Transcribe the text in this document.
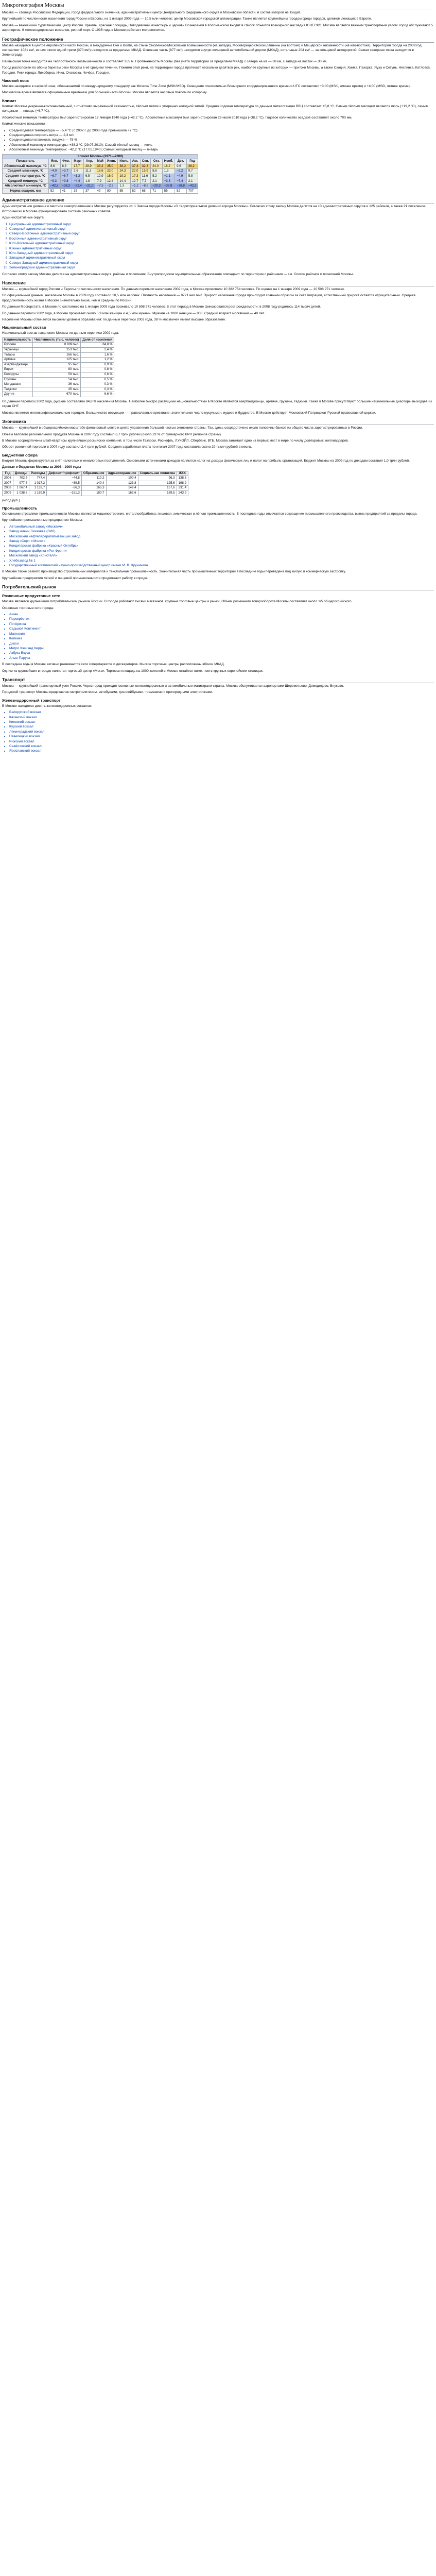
Микрогеография Москвы

Москва — столица Российской Федерации, город федерального значения, административный центр Центрального федерального округа и Московской области, в состав которой не входит.

Крупнейший по численности населения город России и Европы, на 1 января 2009 года — 10,5 млн человек; центр Московской городской агломерации. Также является крупнейшим городом среди городов, целиком лежащих в Европе.

Москва — важнейший туристический центр России. Кремль, Красная площадь, Новодевичий монастырь и церковь Вознесения в Коломенском входят в список объектов всемирного наследия ЮНЕСКО. Москва является важным транспортным узлом: город обслуживают 5 аэропортов, 9 железнодорожных вокзалов, речной порт. С 1935 года в Москве работает метрополитен.

Географическое положение

Москва находится в центре европейской части России, в междуречье Оки и Волги, на стыке Смоленско-Московской возвышенности (на западе), Москворецко-Окской равнины (на востоке) и Мещёрской низменности (на юго-востоке). Территория города на 2009 год составляет 1081 км², из них около одной трети (370 км²) находится за пределами МКАД. Основная часть (877 км²) находится внутри кольцевой автомобильной дороги (МКАД), остальные 204 км² — за кольцевой автодорогой. Самая северная точка находится в Зеленограде.

Наивысшая точка находится на Теплостанской возвышенности и составляет 255 м. Протяжённость Москвы (без учёта территорий за пределами МКАД) с севера на юг — 38 км, с запада на восток — 30 км.

Город расположен по обоим берегам реки Москвы в её среднем течении. Помимо этой реки, на территории города протекает несколько десятков рек, наиболее крупные из которых — притоки Москвы, а также Сходня, Химка, Пахорка, Яуза и Сетунь, Неглинка, Котловка, Городня. Реки города: Лихоборка, Ичка, Очаковка, Чечёра, Городня.

Часовой пояс

Москва находится в часовой зоне, обозначаемой по международному стандарту как Moscow Time Zone (MSK/MSD). Смещение относительно Всемирного координированного времени UTC составляет +3:00 (MSK, зимнее время) и +4:00 (MSD, летнее время).

Московское время является официальным временем для большей части России. Москва является часовым поясом по которому...

Климат

Климат Москвы умеренно-континентальный, с отчётливо выраженной сезонностью, тёплым летом и умеренно холодной зимой. Средняя годовая температура по данным метеостанции ВВЦ составляет +5,8 °C. Самым тёплым месяцем является июль (+19,2 °C), самым холодным — январь (−6,7 °C).

Абсолютный минимум температуры был зарегистрирован 17 января 1940 года (−42,2 °C). Абсолютный максимум был зарегистрирован 29 июля 2010 года (+38,2 °C). Годовое количество осадков составляет около 700 мм.

Климатические показатели:

• Среднегодовая температура — +5,4 °С (с 2007 г. до 2008 года превышала +7 °С)
• Среднегодовая скорость ветра — 2,3 м/с
• Среднегодовая влажность воздуха — 78 %
• Абсолютный максимум температуры: +38,2 °С (29.07.2010); Самый тёплый месяц — июль
• Абсолютный минимум температуры: −42,2 °С (17.01.1940); Самый холодный месяц — январь
Климат Москвы (1971—2000)													
Показатель	Янв.	Фев.	Март	Апр.	Май	Июнь	Июль	Авг.	Сен.	Окт.	Нояб.	Дек.	Год
Абсолютный максимум, °C	8,6	8,3	17,7	28,9	33,2	35,0	38,2	37,3	32,3	24,0	16,2	9,6	38,2
Средний максимум, °C	−4,0	−3,7	2,6	11,3	18,6	22,0	24,3	22,0	15,9	8,6	1,3	−2,2	9,7
Средняя температура, °C	−6,7	−6,7	−1,3	6,5	12,9	16,9	19,2	17,3	11,6	5,2	−1,1	−4,9	5,8
Средний минимум, °C	−9,3	−9,8	−4,4	1,8	7,9	12,4	14,4	12,7	7,7	2,1	−3,3	−7,4	2,1
Абсолютный минимум, °C	−42,2	−38,2	−32,4	−21,0	−7,5	−2,3	1,3	−1,2	−8,5	−20,3	−32,8	−38,8	−42,2
Норма осадков, мм	52	41	35	37	49	80	85	82	68	71	55	52	707
Административное деление

Административное деление и местное самоуправление в Москве регулируются ст. 1 Закона города Москвы «О территориальном делении города Москвы». Согласно этому закону Москва делится на 10 административных округов и 125 районов, а также 21 поселение. Исторически в Москве функционировала система районных советов.

Административные округа:

1. Центральный административный округ
2. Северный административный округ
3. Северо-Восточный административный округ
4. Восточный административный округ
5. Юго-Восточный административный округ
6. Южный административный округ
7. Юго-Западный административный округ
8. Западный административный округ
9. Северо-Западный административный округ
10. Зеленоградский административный округ

Согласно этому закону Москва делится на административные округа, районы и поселения. Внутригородские муниципальные образования совпадают по территории с районами — см. Список районов и поселений Москвы.

Население

Москва — крупнейший город России и Европы по численности населения. По данным переписи населения 2002 года, в Москве проживали 10 382 754 человек. По оценке на 1 января 2009 года — 10 508 971 человек.

По официальным данным, население Москвы в 2009 году составило 10,5 млн человек. Плотность населения — 9721 чел./км². Прирост населения города происходит главным образом за счёт миграции, естественный прирост остаётся отрицательным. Средняя продолжительность жизни в Москве значительно выше, чем в среднем по России.

По данным Мосгорстата, в Москве по состоянию на 1 января 2009 года проживало 10 508 971 человек. В этот период в Москве фиксировался рост рождаемости: в 2008 году родилось 114 тысяч детей.

По данным переписи 2002 года, в Москве проживает около 5,9 млн женщин и 4,5 млн мужчин. Мужчин на 1000 женщин — 838. Средний возраст москвичей — 40 лет.

Население Москвы отличается высоким уровнем образования: по данным переписи 2002 года, 38 % москвичей имеют высшее образование.

Национальный состав

Национальный состав населения Москвы по данным переписи 2002 года:

Национальность	Численность (тыс. человек)	Доля от населения
Русские	8 809 tыс.	84,8 %
Украинцы	253 тыс.	2,4 %
Татары	166 тыс.	1,6 %
Армяне	125 тыс.	1,2 %
Азербайджанцы	95 тыс.	0,9 %
Евреи	80 тыс.	0,8 %
Белорусы	59 тыс.	0,6 %
Грузины	54 тыс.	0,5 %
Молдаване	36 тыс.	0,3 %
Таджики	35 тыс.	0,3 %
Другие	670 тыс.	6,6 %

По данным переписи 2002 года, русские составляли 84,8 % населения Москвы. Наиболее быстро растущими национальностями в Москве являются азербайджанцы, армяне, грузины, таджики. Также в Москве присутствуют большие национальные диаспоры выходцев из стран СНГ.

Москва является многоконфессиональным городом. Большинство верующих — православные христиане; значительное число мусульман, иудеев и буддистов. В Москве действует Московский Патриархат Русской православной церкви.

Экономика

Москва — крупнейший в общероссийском масштабе финансовый центр и центр управления большой частью экономики страны. Так, здесь сосредоточено около половины банков из общего числа зарегистрированных в России.

Объём валового регионального продукта Москвы в 2007 году составил 6,7 трлн рублей (около 23 % от суммарного ВРП регионов страны).

В Москве сосредоточены штаб-квартиры крупнейших российских компаний, в том числе Газпром, Роснефть, ЛУКОЙЛ, Сбербанк, ВТБ. Москва занимает одно из первых мест в мире по числу долларовых миллиардеров.

Оборот розничной торговли в 2007 году составил 2,4 трлн рублей. Средняя заработная плата по итогам 2007 года составила около 29 тысяч рублей в месяц.

Бюджетная сфера

Бюджет Москвы формируется за счёт налоговых и неналоговых поступлений. Основными источниками доходов являются налог на доходы физических лиц и налог на прибыль организаций. Бюджет Москвы на 2009 год по доходам составил 1,0 трлн рублей.

Данные о бюджетах Москвы за 2006—2009 годы
Год	Доходы	Расходы	Дефицит/профицит	Образование	Здравоохранение	Социальная политика	ЖКХ
2006	702,6	747,4	−44,8	110,2	100,4	96,3	138,6
2007	977,8	1 017,3	−39,5	140,4	123,8	125,6	198,2
2008	1 067,4	1 133,7	−66,3	165,3	149,4	157,6	231,4
2009	1 038,6	1 189,9	−151,3	180,7	162,6	189,5	243,9

(млрд руб.)

Промышленность

Основными отраслями промышленности Москвы являются машиностроение, металлообработка, пищевая, химическая и лёгкая промышленность. В последние годы отмечается сокращение промышленного производства, вынос предприятий за пределы города.

Крупнейшие промышленные предприятия Москвы:

• Автомобильный завод «Москвич»
• Завод имени Лихачёва (ЗИЛ)
• Московский нефтеперерабатывающий завод
• Завод «Серп и Молот»
• Кондитерская фабрика «Красный Октябрь»
• Кондитерская фабрика «Рот Фронт»
• Московский завод «Кристалл»
• Хлебозавод № 1
• Государственный космический научно-производственный центр имени М. В. Хруничева

В Москве также развито производство строительных материалов и текстильная промышленность. Значительная часть промышленных территорий в последние годы переведена под жилую и коммерческую застройку.

Крупнейшие предприятия лёгкой и пищевой промышленности продолжают работу в городе.

Потребительский рынок
Розничные продуктовые сети

Москва является крупнейшим потребительским рынком России. В городе работают тысячи магазинов, крупные торговые центры и рынки. Объём розничного товарооборота Москвы составляет около 1/5 общероссийского.

Основные торговые сети города:

• Ашан
• Перекрёсток
• Пятёрочка
• Седьмой Континент
• Магнолия
• Копейка
• Дикси
• Метро Кэш энд Керри
• Азбука Вкуса
• Алые Паруса

В последние годы в Москве активно развиваются сети гипермаркетов и дискаунтеров. Многие торговые центры расположены вблизи МКАД.

Одним из крупнейших в городе является торговый центр «Мега». Торговая площадь на 1000 жителей в Москве остаётся ниже, чем в крупных европейских столицах.

Транспорт

Москва — крупнейший транспортный узел России. Через город проходят основные железнодорожные и автомобильные магистрали страны. Москва обслуживается аэропортами Шереметьево, Домодедово, Внуково.

Городской транспорт Москвы представлен метрополитеном, автобусами, троллейбусами, трамваями и пригородными электричками.

Железнодорожный транспорт

В Москве находятся девять железнодорожных вокзалов:

• Белорусский вокзал
• Казанский вокзал
• Киевский вокзал
• Курский вокзал
• Ленинградский вокзал
• Павелецкий вокзал
• Рижский вокзал
• Савёловский вокзал
• Ярославский вокзал
